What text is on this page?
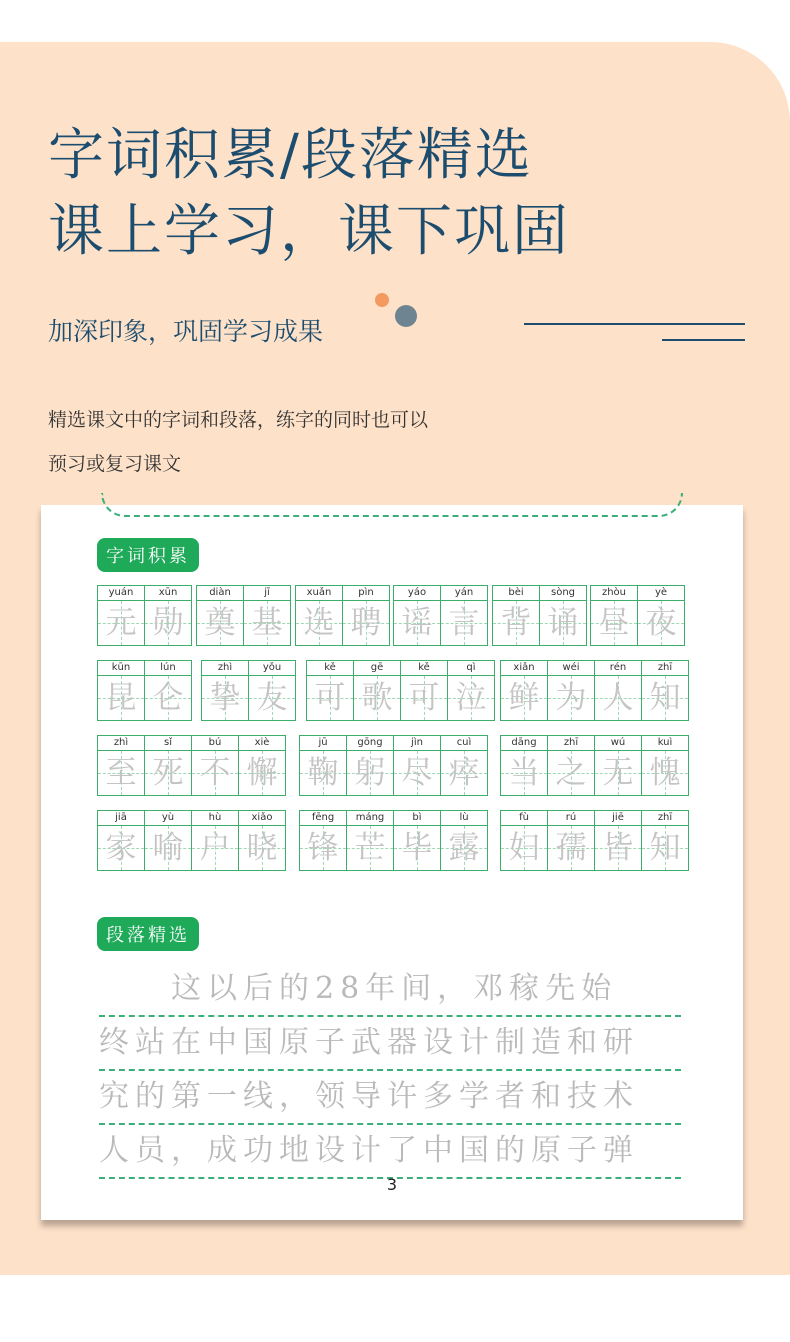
字词积累/段落精选
课上学习，课下巩固

加深印象，巩固学习成果

精选课文中的字词和段落，练字的同时也可以

预习或复习课文

字词积累
yuán
元
xūn
勋
diàn
奠
jī
基
xuǎn
选
pìn
聘
yáo
谣
yán
言
bèi
背
sòng
诵
zhòu
昼
yè
夜
kūn
昆
lún
仑
zhì
挚
yǒu
友
kě
可
gē
歌
kě
可
qì
泣
xiǎn
鲜
wéi
为
rén
人
zhī
知
zhì
至
sǐ
死
bú
不
xiè
懈
jū
鞠
gōng
躬
jìn
尽
cuì
瘁
dāng
当
zhī
之
wú
无
kuì
愧
jiā
家
yù
喻
hù
户
xiǎo
晓
fēng
锋
máng
芒
bì
毕
lù
露
fù
妇
rú
孺
jiē
皆
zhī
知
段落精选
　　这以后的28年间，邓稼先始
终站在中国原子武器设计制造和研
究的第一线，领导许多学者和技术
人员，成功地设计了中国的原子弹
3
